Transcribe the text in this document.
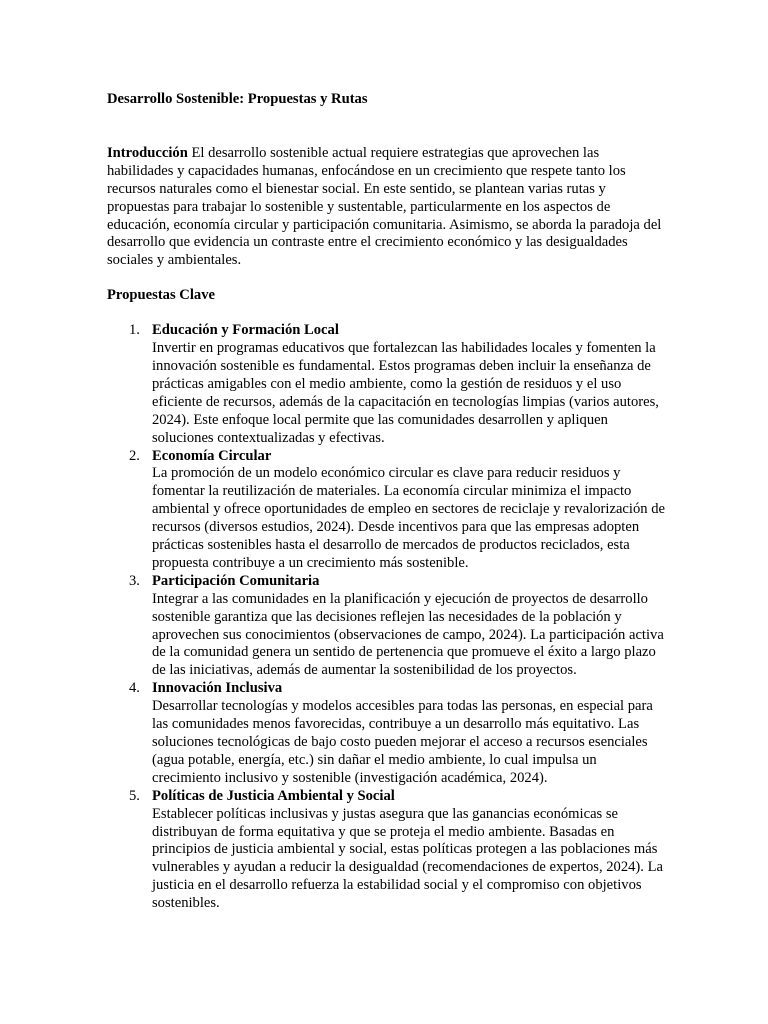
Desarrollo Sostenible: Propuestas y Rutas

Introducción El desarrollo sostenible actual requiere estrategias que aprovechen las habilidades y capacidades humanas, enfocándose en un crecimiento que respete tanto los recursos naturales como el bienestar social. En este sentido, se plantean varias rutas y propuestas para trabajar lo sostenible y sustentable, particularmente en los aspectos de educación, economía circular y participación comunitaria. Asimismo, se aborda la paradoja del desarrollo que evidencia un contraste entre el crecimiento económico y las desigualdades sociales y ambientales.

Propuestas Clave

1. Educación y Formación Local
Invertir en programas educativos que fortalezcan las habilidades locales y fomenten la innovación sostenible es fundamental. Estos programas deben incluir la enseñanza de prácticas amigables con el medio ambiente, como la gestión de residuos y el uso eficiente de recursos, además de la capacitación en tecnologías limpias (varios autores, 2024). Este enfoque local permite que las comunidades desarrollen y apliquen soluciones contextualizadas y efectivas.
2. Economía Circular
La promoción de un modelo económico circular es clave para reducir residuos y fomentar la reutilización de materiales. La economía circular minimiza el impacto ambiental y ofrece oportunidades de empleo en sectores de reciclaje y revalorización de recursos (diversos estudios, 2024). Desde incentivos para que las empresas adopten prácticas sostenibles hasta el desarrollo de mercados de productos reciclados, esta propuesta contribuye a un crecimiento más sostenible.
3. Participación Comunitaria
Integrar a las comunidades en la planificación y ejecución de proyectos de desarrollo sostenible garantiza que las decisiones reflejen las necesidades de la población y aprovechen sus conocimientos (observaciones de campo, 2024). La participación activa de la comunidad genera un sentido de pertenencia que promueve el éxito a largo plazo de las iniciativas, además de aumentar la sostenibilidad de los proyectos.
4. Innovación Inclusiva
Desarrollar tecnologías y modelos accesibles para todas las personas, en especial para las comunidades menos favorecidas, contribuye a un desarrollo más equitativo. Las soluciones tecnológicas de bajo costo pueden mejorar el acceso a recursos esenciales (agua potable, energía, etc.) sin dañar el medio ambiente, lo cual impulsa un crecimiento inclusivo y sostenible (investigación académica, 2024).
5. Políticas de Justicia Ambiental y Social
Establecer políticas inclusivas y justas asegura que las ganancias económicas se distribuyan de forma equitativa y que se proteja el medio ambiente. Basadas en principios de justicia ambiental y social, estas políticas protegen a las poblaciones más vulnerables y ayudan a reducir la desigualdad (recomendaciones de expertos, 2024). La justicia en el desarrollo refuerza la estabilidad social y el compromiso con objetivos sostenibles.
